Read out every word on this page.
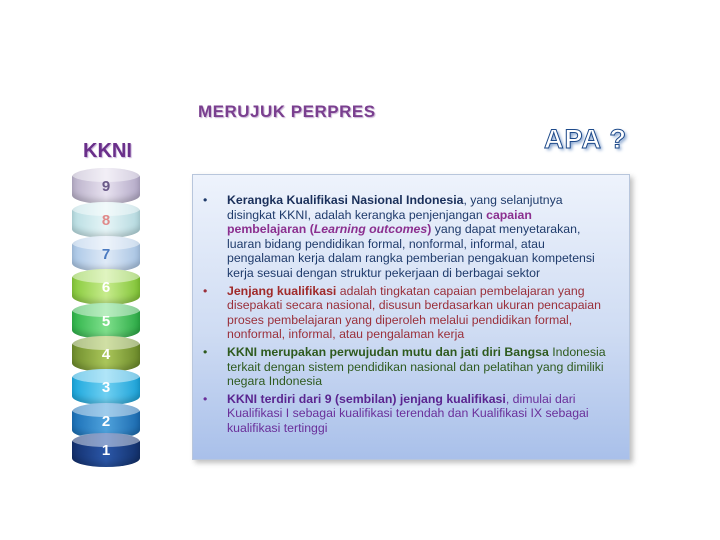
MERUJUK PERPRES
APA ?
KKNI
9
8
7
6
5
4
3
2
1
• Kerangka Kualifikasi Nasional Indonesia, yang selanjutnya disingkat KKNI, adalah kerangka penjenjangan capaian pembelajaran (Learning outcomes) yang dapat menyetarakan, luaran bidang pendidikan formal, nonformal, informal, atau pengalaman kerja dalam rangka pemberian pengakuan kompetensi kerja sesuai dengan struktur pekerjaan di berbagai sektor
• Jenjang kualifikasi adalah tingkatan capaian pembelajaran yang disepakati secara nasional, disusun berdasarkan ukuran pencapaian proses pembelajaran yang diperoleh melalui pendidikan formal, nonformal, informal, atau pengalaman kerja
• KKNI merupakan perwujudan mutu dan jati diri Bangsa Indonesia terkait dengan sistem pendidikan nasional dan pelatihan yang dimiliki negara Indonesia
• KKNI terdiri dari 9 (sembilan) jenjang kualifikasi, dimulai dari Kualifikasi I sebagai kualifikasi terendah dan Kualifikasi IX sebagai kualifikasi tertinggi
